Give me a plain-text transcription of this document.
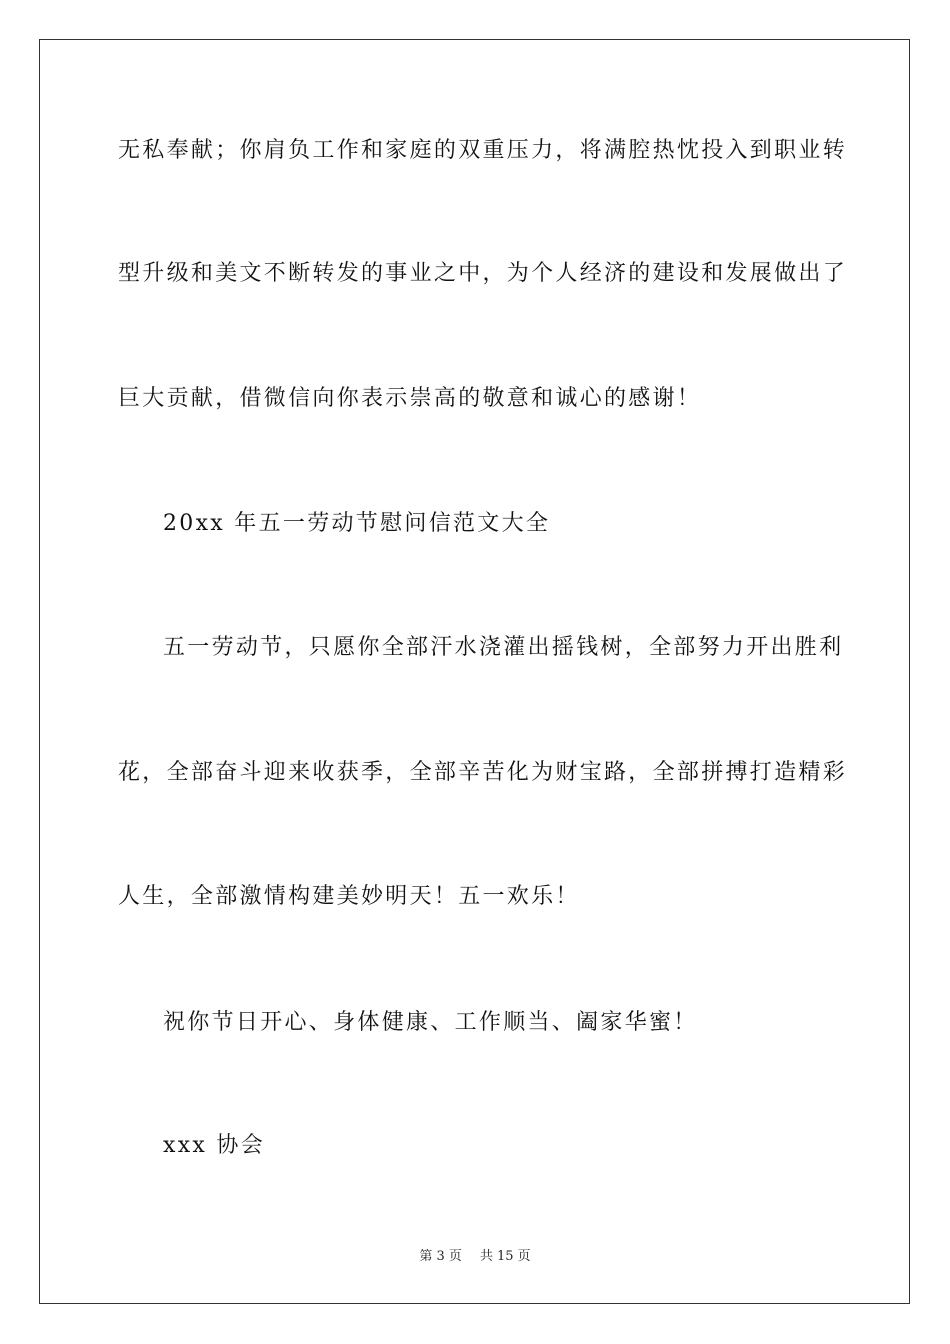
无私奉献；你肩负工作和家庭的双重压力，将满腔热忱投入到职业转
型升级和美文不断转发的事业之中，为个人经济的建设和发展做出了
巨大贡献，借微信向你表示崇高的敬意和诚心的感谢！
20xx 年五一劳动节慰问信范文大全
五一劳动节，只愿你全部汗水浇灌出摇钱树，全部努力开出胜利
花，全部奋斗迎来收获季，全部辛苦化为财宝路，全部拼搏打造精彩
人生，全部激情构建美妙明天！五一欢乐！
祝你节日开心、身体健康、工作顺当、阖家华蜜！
xxx 协会
第 3 页 共 15 页
